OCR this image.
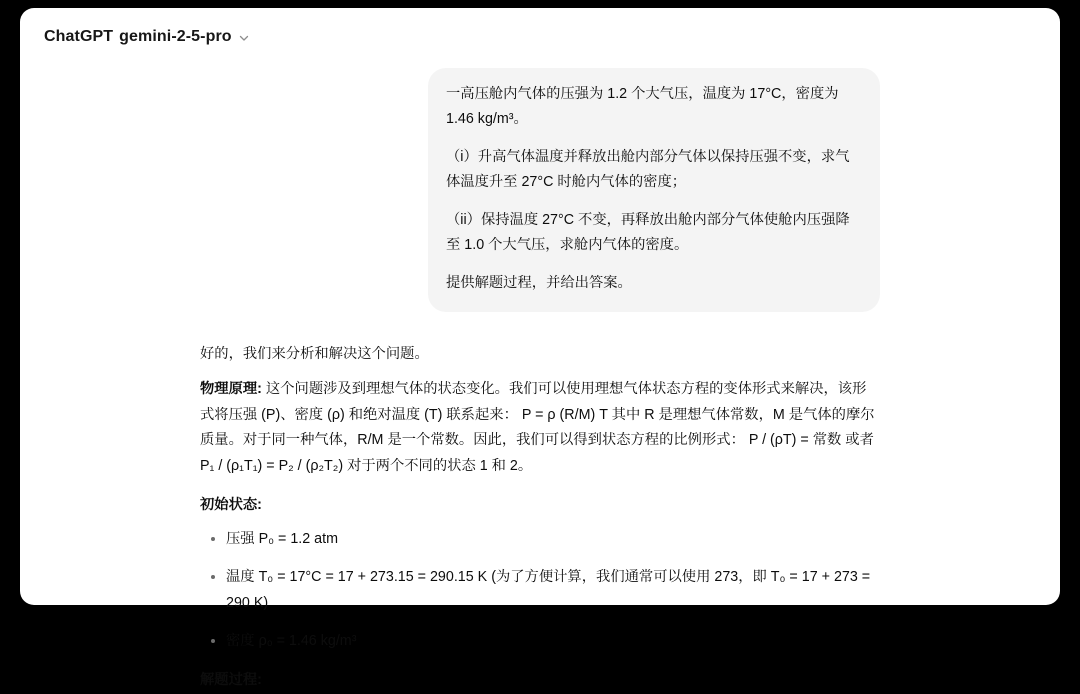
ChatGPT gemini-2-5-pro

一高压舱内气体的压强为 1.2 个大气压，温度为 17°C，密度为 1.46 kg/m³。

（i）升高气体温度并释放出舱内部分气体以保持压强不变，求气体温度升至 27°C 时舱内气体的密度；

（ii）保持温度 27°C 不变，再释放出舱内部分气体使舱内压强降至 1.0 个大气压，求舱内气体的密度。

提供解题过程，并给出答案。

好的，我们来分析和解决这个问题。

物理原理: 这个问题涉及到理想气体的状态变化。我们可以使用理想气体状态方程的变体形式来解决，该形式将压强 (P)、密度 (ρ) 和绝对温度 (T) 联系起来： P = ρ (R/M) T 其中 R 是理想气体常数，M 是气体的摩尔质量。对于同一种气体，R/M 是一个常数。因此，我们可以得到状态方程的比例形式： P / (ρT) = 常数 或者 P₁ / (ρ₁T₁) = P₂ / (ρ₂T₂) 对于两个不同的状态 1 和 2。

初始状态:
压强 P₀ = 1.2 atm
温度 T₀ = 17°C = 17 + 273.15 = 290.15 K (为了方便计算，我们通常可以使用 273，即 T₀ = 17 + 273 = 290 K)
密度 ρ₀ = 1.46 kg/m³
解题过程:
